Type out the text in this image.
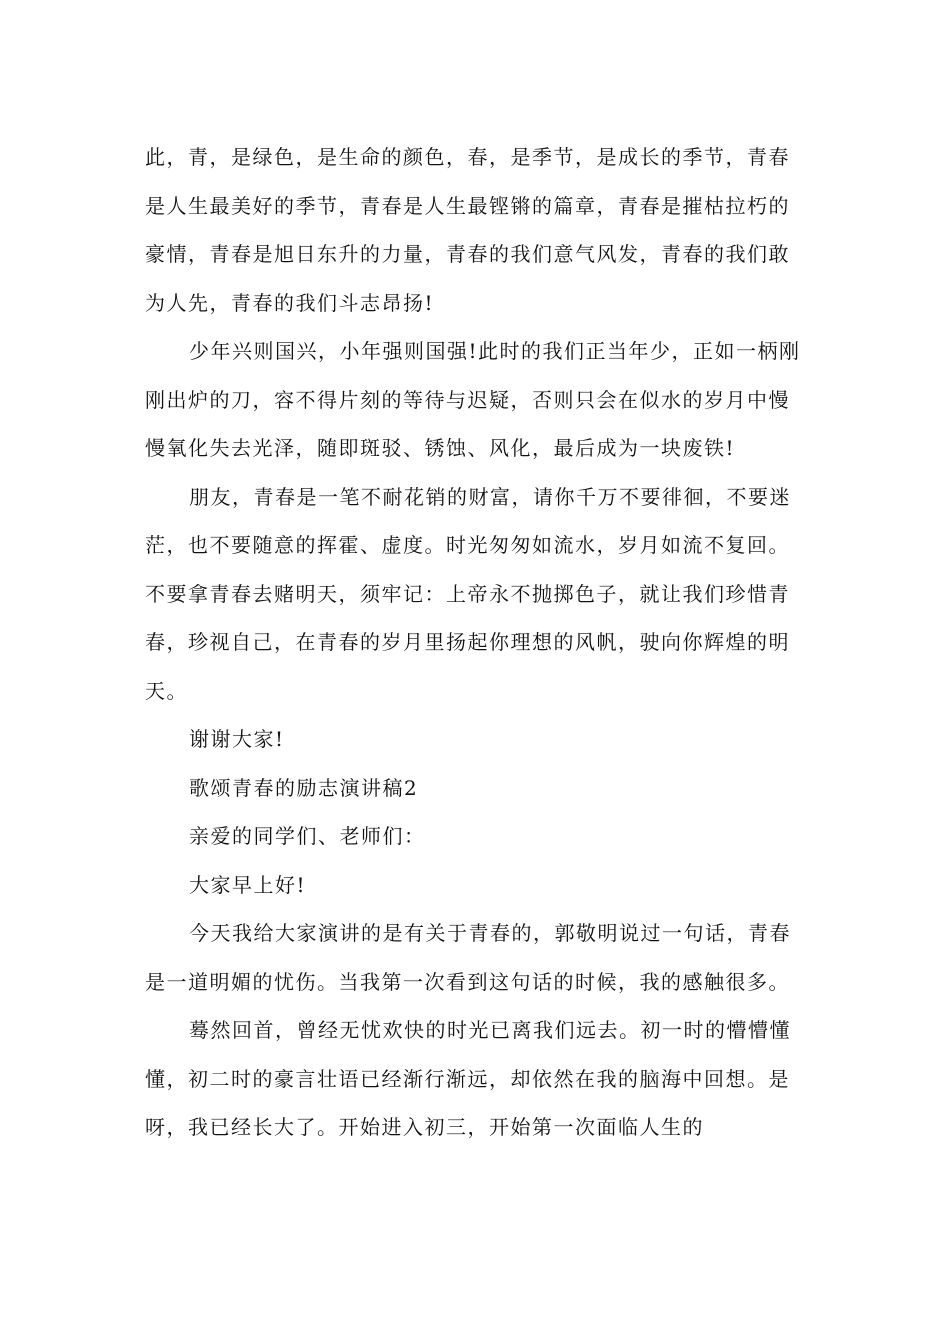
此，青，是绿色，是生命的颜色，春，是季节，是成长的季节，青春是人生最美好的季节，青春是人生最铿锵的篇章，青春是摧枯拉朽的豪情，青春是旭日东升的力量，青春的我们意气风发，青春的我们敢为人先，青春的我们斗志昂扬!

少年兴则国兴，小年强则国强!此时的我们正当年少，正如一柄刚刚出炉的刀，容不得片刻的等待与迟疑，否则只会在似水的岁月中慢慢氧化失去光泽，随即斑驳、锈蚀、风化，最后成为一块废铁!

朋友，青春是一笔不耐花销的财富，请你千万不要徘徊，不要迷茫，也不要随意的挥霍、虚度。时光匆匆如流水，岁月如流不复回。不要拿青春去赌明天，须牢记：上帝永不抛掷色子，就让我们珍惜青春，珍视自己，在青春的岁月里扬起你理想的风帆，驶向你辉煌的明天。

谢谢大家!

歌颂青春的励志演讲稿2

亲爱的同学们、老师们：

大家早上好!

今天我给大家演讲的是有关于青春的，郭敬明说过一句话，青春是一道明媚的忧伤。当我第一次看到这句话的时候，我的感触很多。

蓦然回首，曾经无忧欢快的时光已离我们远去。初一时的懵懵懂懂，初二时的豪言壮语已经渐行渐远，却依然在我的脑海中回想。是呀，我已经长大了。开始进入初三，开始第一次面临人生的
